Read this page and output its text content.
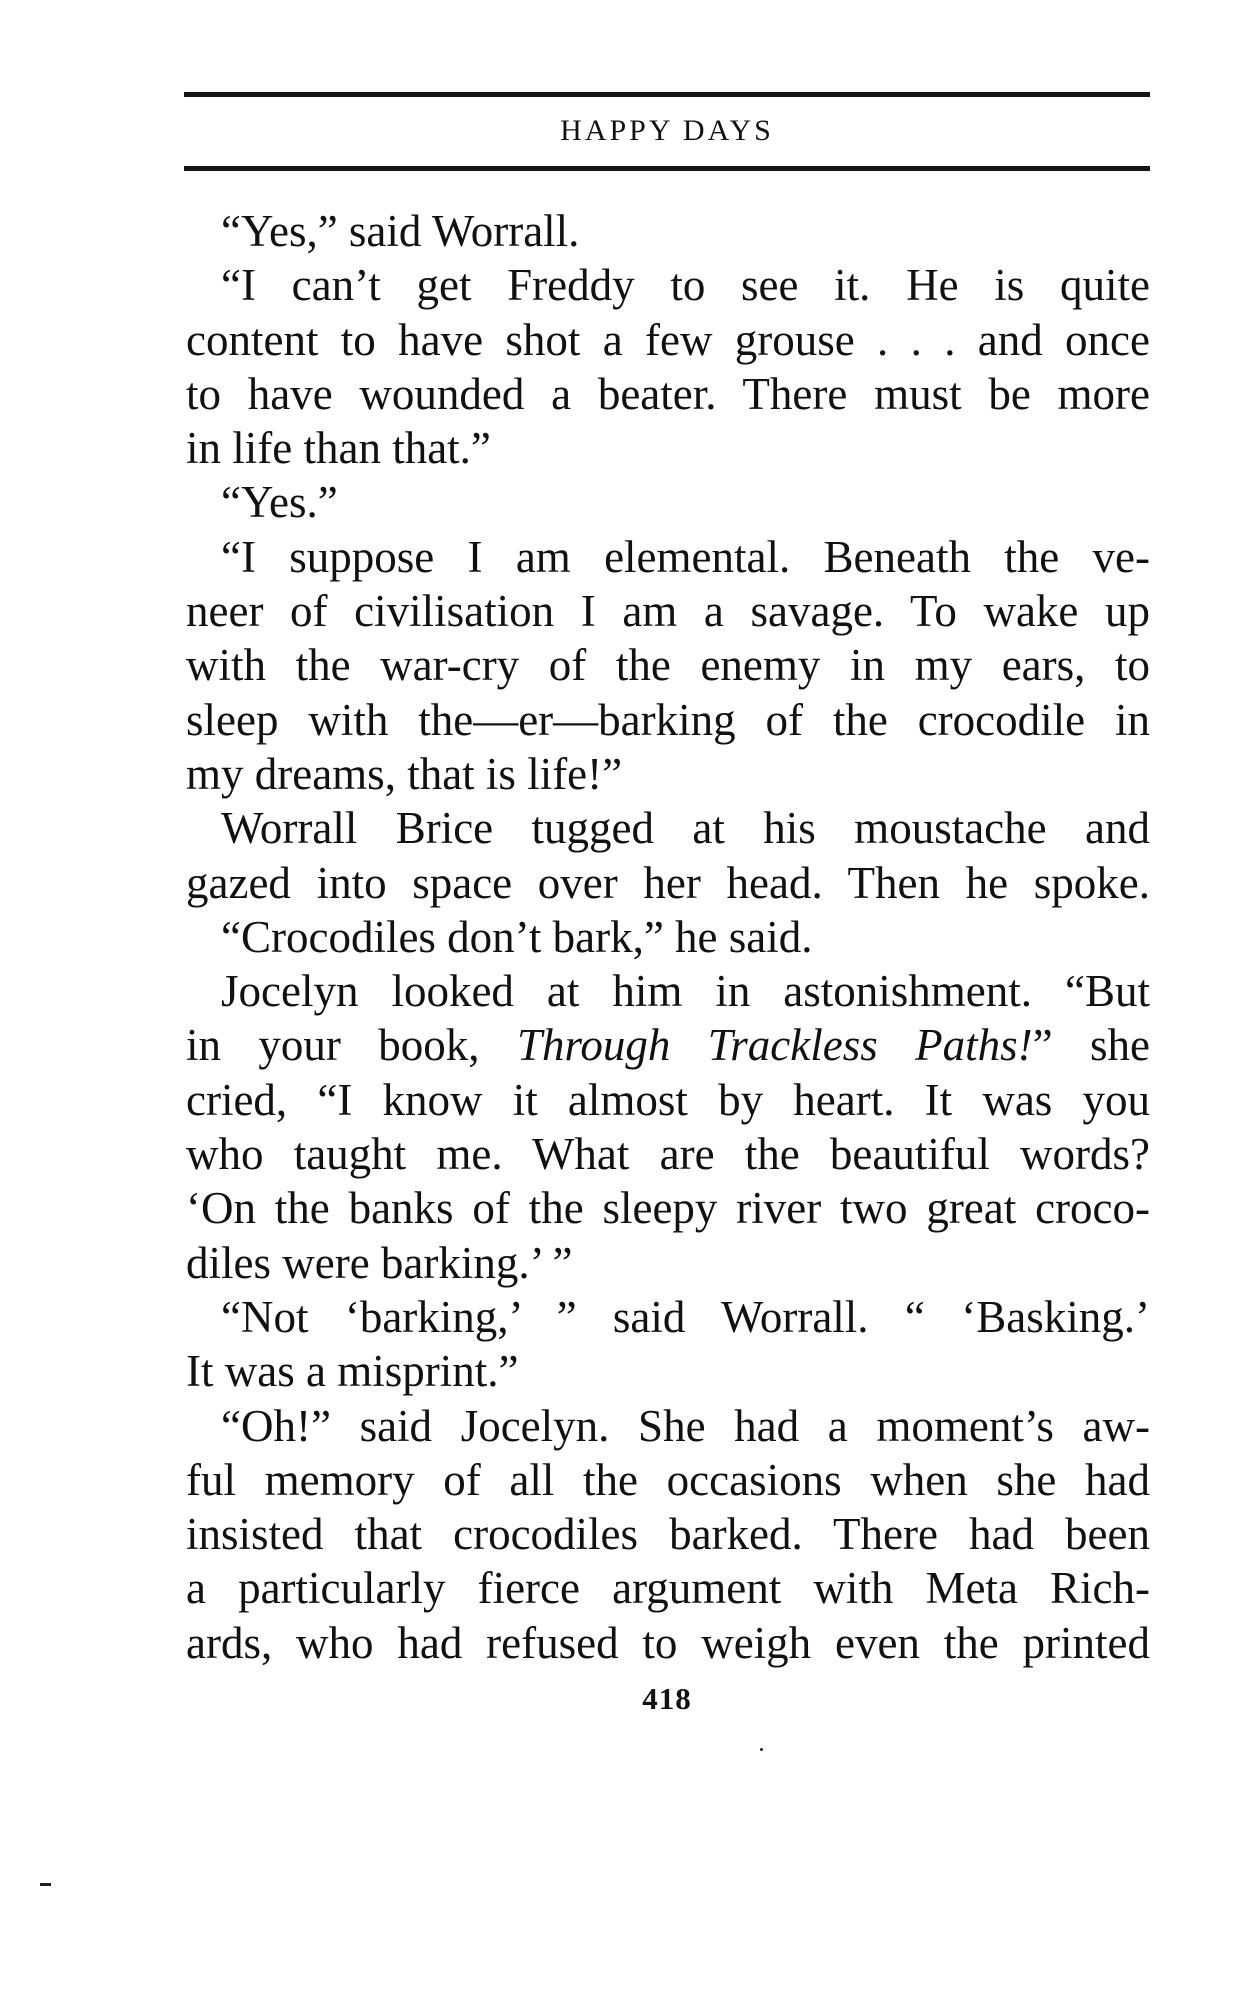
HAPPY DAYS
“Yes,” said Worrall.
“I can’t get Freddy to see it. He is quite
content to have shot a few grouse . . . and once
to have wounded a beater. There must be more
in life than that.”
“Yes.”
“I suppose I am elemental. Beneath the ve-
neer of civilisation I am a savage. To wake up
with the war-cry of the enemy in my ears, to
sleep with the—er—barking of the crocodile in
my dreams, that is life!”
Worrall Brice tugged at his moustache and
gazed into space over her head. Then he spoke.
“Crocodiles don’t bark,” he said.
Jocelyn looked at him in astonishment. “But
in your book, Through Trackless Paths!” she
cried, “I know it almost by heart. It was you
who taught me. What are the beautiful words?
‘On the banks of the sleepy river two great croco-
diles were barking.’ ”
“Not ‘barking,’ ” said Worrall. “ ‘Basking.’
It was a misprint.”
“Oh!” said Jocelyn. She had a moment’s aw-
ful memory of all the occasions when she had
insisted that crocodiles barked. There had been
a particularly fierce argument with Meta Rich-
ards, who had refused to weigh even the printed
418
